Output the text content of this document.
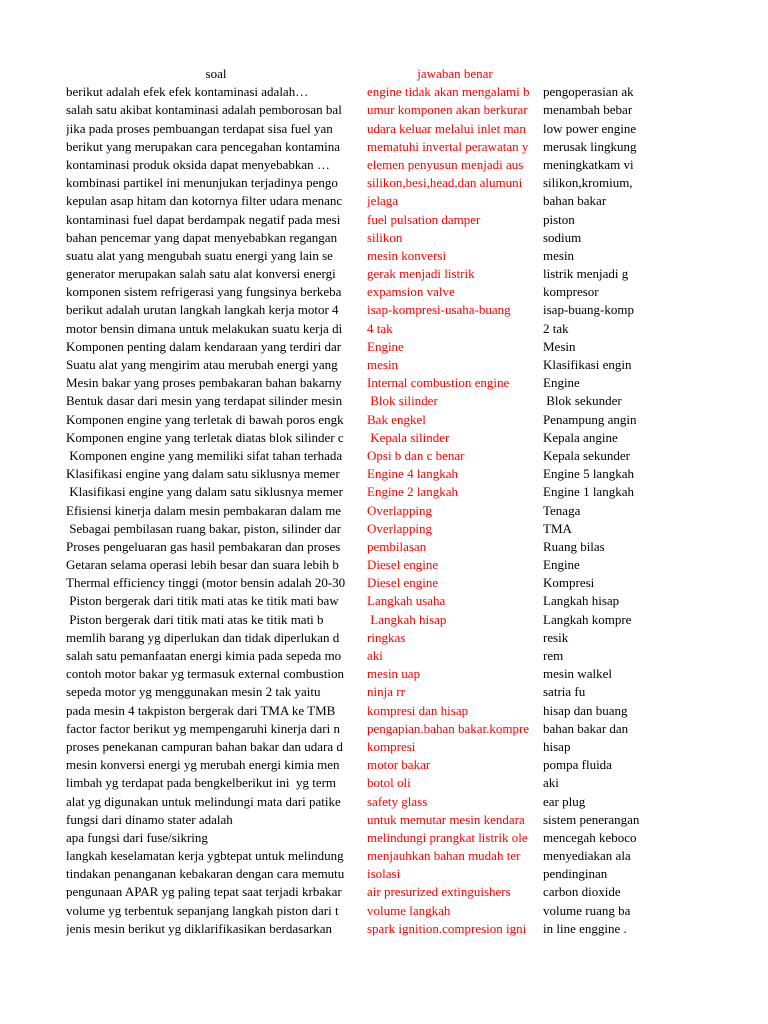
soal	jawaban benar
berikut adalah efek efek kontaminasi adalah…	engine tidak akan mengalami b	pengoperasian ak
salah satu akibat kontaminasi adalah pemborosan bal	umur komponen akan berkurar	menambah bebar
jika pada proses pembuangan terdapat sisa fuel yan	udara keluar melalui inlet man	low power engine
berikut yang merupakan cara pencegahan kontamina	mematuhi invertal perawatan y	merusak lingkung
kontaminasi produk oksida dapat menyebabkan …	elemen penyusun menjadi aus	meningkatkam vi
kombinasi partikel ini menunjukan terjadinya pengo	silikon,besi,head,dan alumuni	silikon,kromium,
kepulan asap hitam dan kotornya filter udara menanc	jelaga	bahan bakar
kontaminasi fuel dapat berdampak negatif pada mesi	fuel pulsation damper	piston
bahan pencemar yang dapat menyebabkan regangan	silikon	sodium
suatu alat yang mengubah suatu energi yang lain se	mesin konversi	mesin
generator merupakan salah satu alat konversi energi	gerak menjadi listrik	listrik menjadi g
komponen sistem refrigerasi yang fungsinya berkeba	expamsion valve	kompresor
berikut adalah urutan langkah langkah kerja motor 4	isap-kompresi-usaha-buang	isap-buang-komp
motor bensin dimana untuk melakukan suatu kerja di	4 tak	2 tak
Komponen penting dalam kendaraan yang terdiri dar	Engine	Mesin
Suatu alat yang mengirim atau merubah energi yang	mesin	Klasifikasi engin
Mesin bakar yang proses pembakaran bahan bakarny	Internal combustion engine	Engine
Bentuk dasar dari mesin yang terdapat silinder mesin	Blok silinder	Blok sekunder
Komponen engine yang terletak di bawah poros engk	Bak engkel	Penampung angin
Komponen engine yang terletak diatas blok silinder c	Kepala silinder	Kepala angine
Komponen engine yang memiliki sifat tahan terhada	Opsi b dan c benar	Kepala sekunder
Klasifikasi engine yang dalam satu siklusnya memer	Engine 4 langkah	Engine 5 langkah
Klasifikasi engine yang dalam satu siklusnya memer	Engine 2 langkah	Engine 1 langkah
Efisiensi kinerja dalam mesin pembakaran dalam me	Overlapping	Tenaga
Sebagai pembilasan ruang bakar, piston, silinder dar	Overlapping	TMA
Proses pengeluaran gas hasil pembakaran dan proses	pembilasan	Ruang bilas
Getaran selama operasi lebih besar dan suara lebih b	Diesel engine	Engine
Thermal efficiency tinggi (motor bensin adalah 20-30	Diesel engine	Kompresi
Piston bergerak dari titik mati atas ke titik mati baw	Langkah usaha	Langkah hisap
Piston bergerak dari titik mati atas ke titik mati b	Langkah hisap	Langkah kompre
memlih barang yg diperlukan dan tidak diperlukan d	ringkas	resik
salah satu pemanfaatan energi kimia pada sepeda mo	aki	rem
contoh motor bakar yg termasuk external combustion	mesin uap	mesin walkel
sepeda motor yg menggunakan mesin 2 tak yaitu	ninja rr	satria fu
pada mesin 4 takpiston bergerak dari TMA ke TMB	kompresi dan hisap	hisap dan buang
factor factor berikut yg mempengaruhi kinerja dari n	pengapian.bahan bakar.kompre	bahan bakar dan
proses penekanan campuran bahan bakar dan udara d	kompresi	hisap
mesin konversi energi yg merubah energi kimia men	motor bakar	pompa fluida
limbah yg terdapat pada bengkelberikut ini  yg term	botol oli	aki
alat yg digunakan untuk melindungi mata dari patike	safety glass	ear plug
fungsi dari dinamo stater adalah	untuk memutar mesin kendara	sistem penerangan
apa fungsi dari fuse/sikring	melindungi prangkat listrik ole	mencegah keboco
langkah keselamatan kerja ygbtepat untuk melindung	menjauhkan bahan mudah ter	menyediakan ala
tindakan penanganan kebakaran dengan cara memutu	isolasi	pendinginan
pengunaan APAR yg paling tepat saat terjadi krbakar	air presurized extinguishers	carbon dioxide
volume yg terbentuk sepanjang langkah piston dari t	volume langkah	volume ruang ba
jenis mesin berikut yg diklarifikasikan berdasarkan	spark ignition.compresion igni	in line enggine .
